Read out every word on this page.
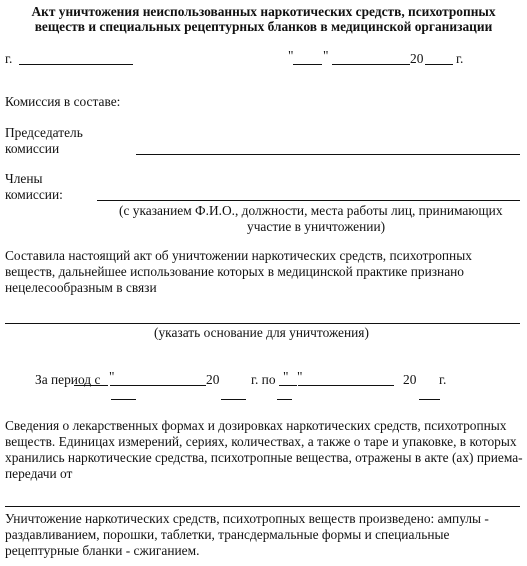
Акт уничтожения неиспользованных наркотических средств, психотропных
веществ и специальных рецептурных бланков в медицинской организации
г.	" "	20 г.
Комиссия в составе:
Председатель
комиссии
Члены
комиссии:
(с указанием Ф.И.О., должности, места работы лиц, принимающих
участие в уничтожении)
Составила настоящий акт об уничтожении наркотических средств, психотропных
веществ, дальнейшее использование которых в медицинской практике признано
нецелесообразным в связи
(указать основание для уничтожения)
За период с "	20 г. по " "	20 г.
Сведения о лекарственных формах и дозировках наркотических средств, психотропных
веществ. Единицах измерений, сериях, количествах, а также о таре и упаковке, в которых
хранились наркотические средства, психотропные вещества, отражены в акте (ах) приема-
передачи от
Уничтожение наркотических средств, психотропных веществ произведено: ампулы -
раздавливанием, порошки, таблетки, трансдермальные формы и специальные
рецептурные бланки - сжиганием.
